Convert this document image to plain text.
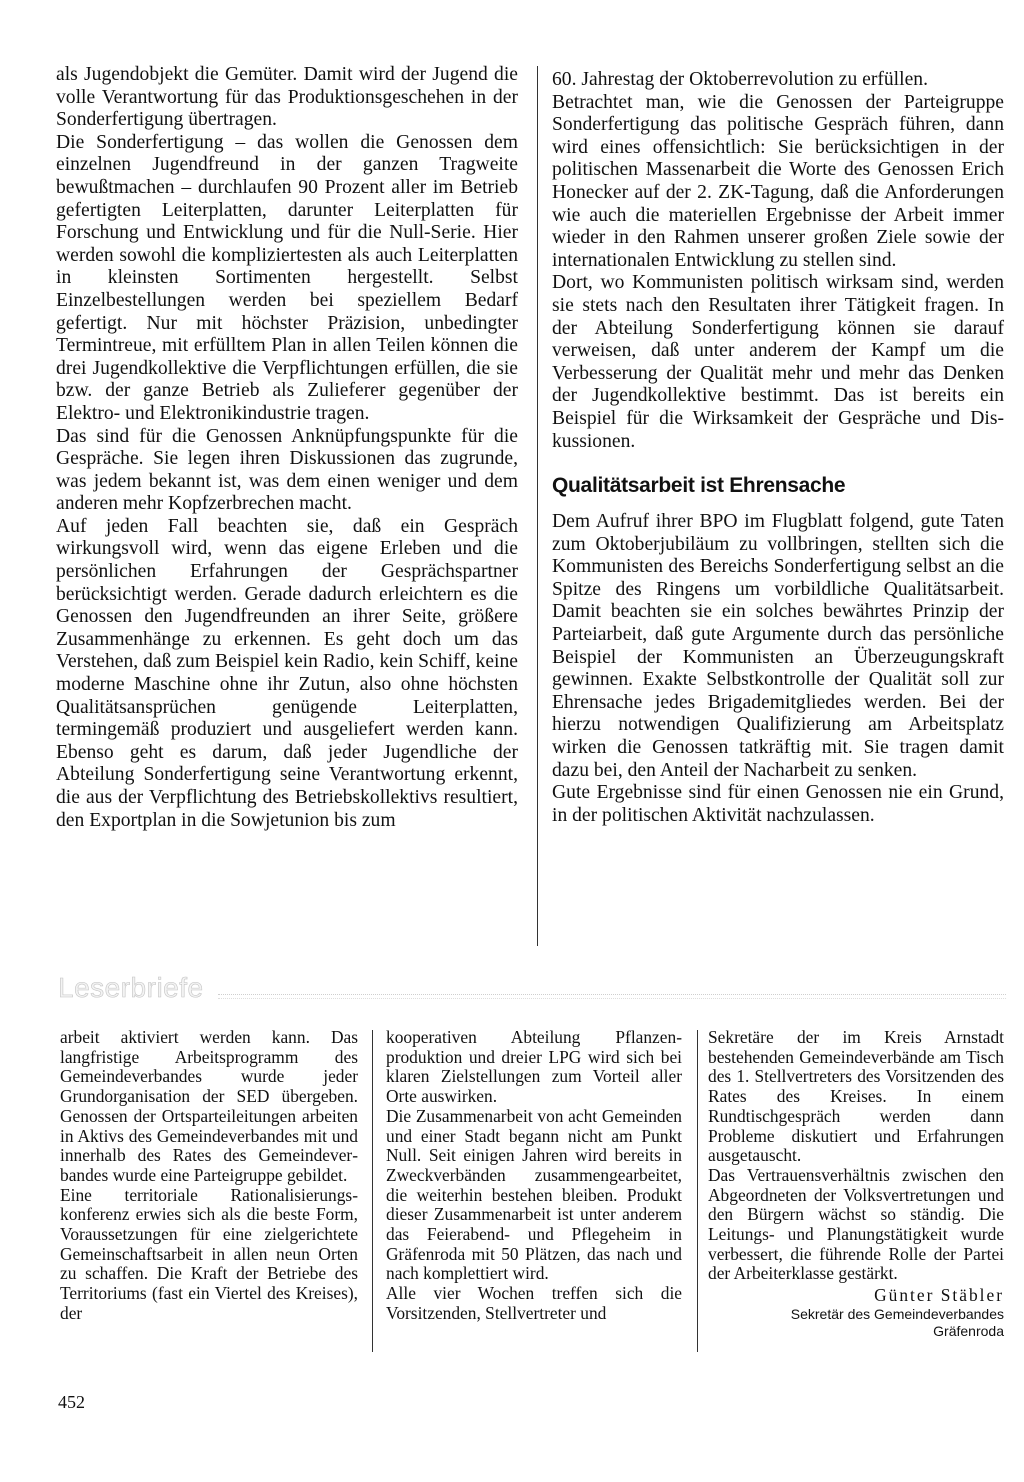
als Jugendobjekt die Gemüter. Damit wird der Jugend die volle Verantwortung für das Produktionsgeschehen in der Sonderfertigung übertragen.

Die Sonderfertigung – das wollen die Genossen dem einzelnen Jugendfreund in der ganzen Tragweite bewußtmachen – durchlaufen 90 Prozent aller im Betrieb gefertigten Leiterplatten, darunter Leiterplatten für Forschung und Entwicklung und für die Null-Serie. Hier werden sowohl die kompliziertesten als auch Leiterplatten in kleinsten Sortimenten hergestellt. Selbst Einzelbestellungen werden bei speziellem Bedarf gefertigt. Nur mit höchster Präzision, unbedingter Termintreue, mit erfülltem Plan in allen Teilen können die drei Jugendkollektive die Verpflichtungen erfüllen, die sie bzw. der ganze Betrieb als Zulieferer gegenüber der Elektro- und Elektronikindustrie tragen.

Das sind für die Genossen Anknüpfungspunkte für die Gespräche. Sie legen ihren Diskussionen das zugrunde, was jedem bekannt ist, was dem einen weniger und dem anderen mehr Kopfzerbrechen macht.

Auf jeden Fall beachten sie, daß ein Gespräch wirkungsvoll wird, wenn das eigene Erleben und die persönlichen Erfahrungen der Gesprächspartner berücksichtigt werden. Gerade dadurch erleichtern es die Genossen den Jugendfreunden an ihrer Seite, größere Zusammenhänge zu erkennen. Es geht doch um das Verstehen, daß zum Beispiel kein Radio, kein Schiff, keine moderne Maschine ohne ihr Zutun, also ohne höchsten Qualitätsansprüchen genügende Leiterplatten, termingemäß produziert und ausgeliefert werden kann. Ebenso geht es darum, daß jeder Jugendliche der Abteilung Sonderfertigung seine Verantwortung erkennt, die aus der Verpflichtung des Betriebskollektivs resultiert, den Exportplan in die Sowjetunion bis zum

60. Jahrestag der Oktoberrevolution zu erfüllen.

Betrachtet man, wie die Genossen der Parteigruppe Sonderfertigung das politische Gespräch führen, dann wird eines offensichtlich: Sie berücksichtigen in der politischen Massenarbeit die Worte des Genossen Erich Honecker auf der 2. ZK-Tagung, daß die Anforderungen wie auch die materiellen Ergebnisse der Arbeit immer wieder in den Rahmen unserer großen Ziele sowie der internationalen Entwicklung zu stellen sind.

Dort, wo Kommunisten politisch wirksam sind, werden sie stets nach den Resultaten ihrer Tätigkeit fragen. In der Abteilung Sonderfertigung können sie darauf verweisen, daß unter anderem der Kampf um die Verbesserung der Qualität mehr und mehr das Denken der Jugendkollektive bestimmt. Das ist bereits ein Beispiel für die Wirksamkeit der Gespräche und Diskussionen.

Qualitätsarbeit ist Ehrensache

Dem Aufruf ihrer BPO im Flugblatt folgend, gute Taten zum Oktoberjubiläum zu vollbringen, stellten sich die Kommunisten des Bereichs Sonderfertigung selbst an die Spitze des Ringens um vorbildliche Qualitätsarbeit. Damit beachten sie ein solches bewährtes Prinzip der Parteiarbeit, daß gute Argumente durch das persönliche Beispiel der Kommunisten an Überzeugungskraft gewinnen. Exakte Selbstkontrolle der Qualität soll zur Ehrensache jedes Brigademitgliedes werden. Bei der hierzu notwendigen Qualifizierung am Arbeitsplatz wirken die Genossen tatkräftig mit. Sie tragen damit dazu bei, den Anteil der Nacharbeit zu senken.

Gute Ergebnisse sind für einen Genossen nie ein Grund, in der politischen Aktivität nachzulassen.

Leserbriefe

arbeit aktiviert werden kann. Das langfristige Arbeitsprogramm des Gemeindeverbandes wurde jeder Grundorganisation der SED übergeben. Genossen der Ortsparteileitungen arbeiten in Aktivs des Gemeindeverbandes mit und innerhalb des Rates des Gemeindeverbandes wurde eine Parteigruppe gebildet.

Eine territoriale Rationalisierungskonferenz erwies sich als die beste Form, Voraussetzungen für eine zielgerichtete Gemeinschaftsarbeit in allen neun Orten zu schaffen. Die Kraft der Betriebe des Territoriums (fast ein Viertel des Kreises), der

kooperativen Abteilung Pflanzenproduktion und dreier LPG wird sich bei klaren Zielstellungen zum Vorteil aller Orte auswirken.

Die Zusammenarbeit von acht Gemeinden und einer Stadt begann nicht am Punkt Null. Seit einigen Jahren wird bereits in Zweckverbänden zusammengearbeitet, die weiterhin bestehen bleiben. Produkt dieser Zusammenarbeit ist unter anderem das Feierabend- und Pflegeheim in Gräfenroda mit 50 Plätzen, das nach und nach komplettiert wird.

Alle vier Wochen treffen sich die Vorsitzenden, Stellvertreter und

Sekretäre der im Kreis Arnstadt bestehenden Gemeindeverbände am Tisch des 1. Stellvertreters des Vorsitzenden des Rates des Kreises. In einem Rundtischgespräch werden dann Probleme diskutiert und Erfahrungen ausgetauscht.

Das Vertrauensverhältnis zwischen den Abgeordneten der Volksvertretungen und den Bürgern wächst so ständig. Die Leitungs- und Planungstätigkeit wurde verbessert, die führende Rolle der Partei der Arbeiterklasse gestärkt.

Günter Stäbler

Sekretär des Gemeindeverbandes

Gräfenroda

452
